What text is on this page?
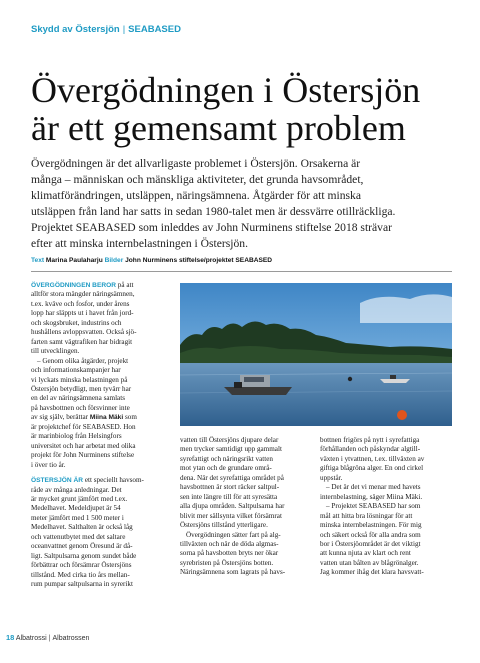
Skydd av Östersjön | SEABASED
Övergödningen i Östersjön
är ett gemensamt problem
Övergödningen är det allvarligaste problemet i Östersjön. Orsakerna är
många – människan och mänskliga aktiviteter, det grunda havsområdet,
klimatförändringen, utsläppen, näringsämnena. Åtgärder för att minska
utsläppen från land har satts in sedan 1980-talet men är dessvärre otillräckliga.
Projektet SEABASED som inleddes av John Nurminens stiftelse 2018 strävar
efter att minska internbelastningen i Östersjön.
Text Marina Paulaharju Bilder John Nurminens stiftelse/projektet SEABASED
ÖVERGÖDNINGEN BEROR på att
alltför stora mängder näringsämnen,
t.ex. kväve och fosfor, under årens
lopp har släppts ut i havet från jord-
och skogsbruket, industrins och
hushållens avloppsvatten. Också sjö-
farten samt vägtrafiken har bidragit
till utvecklingen.
– Genom olika åtgärder, projekt
och informationskampanjer har
vi lyckats minska belastningen på
Östersjön betydligt, men tyvärr har
en del av näringsämnena samlats
på havsbottnen och försvinner inte
av sig själv, berättar Miina Mäki som
är projektchef för SEABASED. Hon
är marinbiolog från Helsingfors
universitet och har arbetat med olika
projekt för John Nurminens stiftelse
i över tio år.
ÖSTERSJÖN ÄR ett speciellt havsom-
råde av många anledningar. Det
är mycket grunt jämfört med t.ex.
Medelhavet. Medeldjupet är 54
meter jämfört med 1 500 meter i
Medelhavet. Salthalten är också låg
och vattenutbytet med det saltare
oceanvattnet genom Öresund är då-
ligt. Saltpulsarna genom sundet både
förbättrar och försämrar Östersjöns
tillstånd. Med cirka tio års mellan-
rum pumpar saltpulsarna in syrerikt
vatten till Östersjöns djupare delar
men trycker samtidigt upp gammalt
syrefattigt och näringsrikt vatten
mot ytan och de grundare områ-
dena. När det syrefattiga området på
havsbottnen är stort räcker saltpul-
sen inte längre till för att syresätta
alla djupa områden. Saltpulsarna har
blivit mer sällsynta vilket försämrat
Östersjöns tillstånd ytterligare.
Övergödningen sätter fart på alg-
tillväxten och när de döda algmas-
sorna på havsbotten bryts ner ökar
syrebristen på Östersjöns botten.
Näringsämnena som lagrats på havs-
bottnen frigörs på nytt i syrefattiga
förhållanden och påskyndar algtill-
växten i ytvattnen, t.ex. tillväxten av
giftiga blågröna alger. En ond cirkel
uppstår.
– Det är det vi menar med havets
internbelastning, säger Miina Mäki.
– Projektet SEABASED har som
mål att hitta bra lösningar för att
minska internbelastningen. För mig
och säkert också för alla andra som
bor i Östersjöområdet är det viktigt
att kunna njuta av klart och rent
vatten utan bålten av blågrönalger.
Jag kommer ihåg det klara havsvatt-
18 Albatrossi | Albatrossen
